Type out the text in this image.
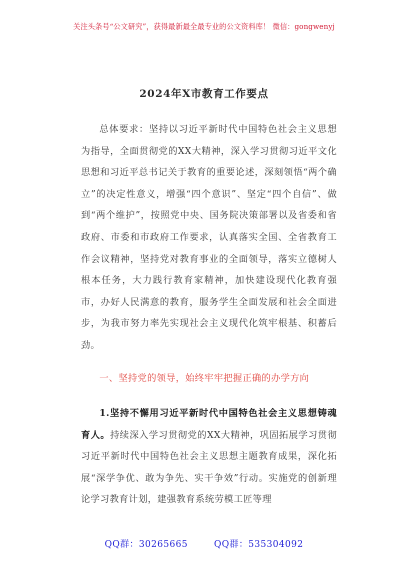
关注头条号“公文研究”，获得最新最全最专业的公文资料库！ 微信：gongwenyj
2024年X市教育工作要点

总体要求：坚持以习近平新时代中国特色社会主义思想为指导，全面贯彻党的XX大精神，深入学习贯彻习近平文化思想和习近平总书记关于教育的重要论述，深刻领悟“两个确立”的决定性意义，增强“四个意识”、坚定“四个自信”、做到“两个维护”，按照党中央、国务院决策部署以及省委和省政府、市委和市政府工作要求，认真落实全国、全省教育工作会议精神，坚持党对教育事业的全面领导，落实立德树人根本任务，大力践行教育家精神，加快建设现代化教育强市，办好人民满意的教育，服务学生全面发展和社会全面进步，为我市努力率先实现社会主义现代化筑牢根基、积蓄后劲。

一、坚持党的领导，始终牢牢把握正确的办学方向

1.坚持不懈用习近平新时代中国特色社会主义思想铸魂育人。持续深入学习贯彻党的XX大精神，巩固拓展学习贯彻习近平新时代中国特色社会主义思想主题教育成果，深化拓展“深学争优、敢为争先、实干争效”行动。实施党的创新理论学习教育计划，建强教育系统劳模工匠等理

QQ群：30265665	QQ群：535304092
